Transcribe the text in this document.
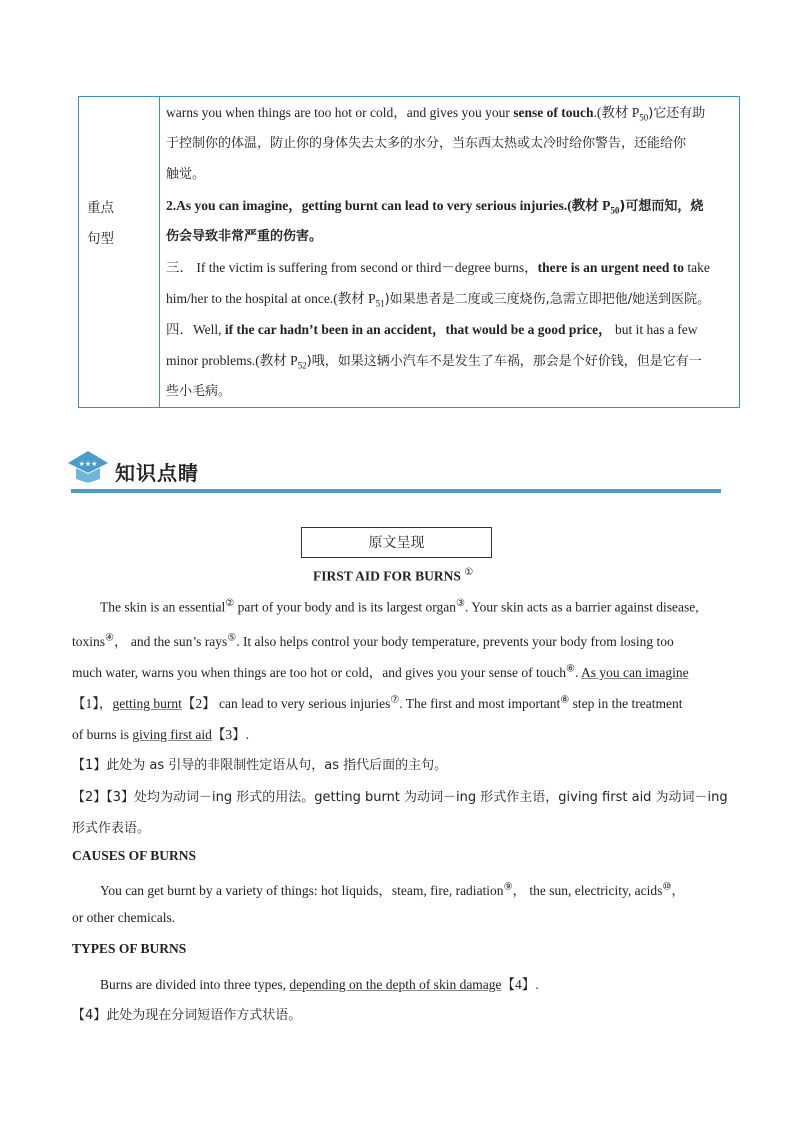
重点
句型
warns you when things are too hot or cold，and gives you your sense of touch.(教材 $P_{50}$)它还有助
于控制你的体温，防止你的身体失去太多的水分，当东西太热或太冷时给你警告，还能给你
触觉。
2.As you can imagine，getting burnt can lead to very serious injuries.(教材 $P_{50}$)可想而知，烧
伤会导致非常严重的伤害。
三． If the victim is suffering from second or third－degree burns，there is an urgent need to take
him/her to the hospital at once.(教材 $P_{51}$)如果患者是二度或三度烧伤,急需立即把他/她送到医院。
四．Well, if the car hadn’t been in an accident，that would be a good price， but it has a few
minor problems.(教材 $P_{52}$)哦，如果这辆小汽车不是发生了车祸，那会是个好价钱，但是它有一
些小毛病。
★★★ 知识点睛
原文呈现
FIRST AID FOR BURNS ①
The skin is an essential② part of your body and is its largest organ③. Your skin acts as a barrier against disease,
toxins④， and the sun’s rays⑤. It also helps control your body temperature, prevents your body from losing too
much water, warns you when things are too hot or cold，and gives you your sense of touch⑥. As you can imagine
【1】，getting burnt【2】 can lead to very serious injuries⑦. The first and most important⑧ step in the treatment
of burns is giving first aid【3】.
【1】此处为 as 引导的非限制性定语从句，as 指代后面的主句。
【2】【3】处均为动词－ing 形式的用法。getting burnt 为动词－ing 形式作主语，giving first aid 为动词－ing
形式作表语。
CAUSES OF BURNS
You can get burnt by a variety of things: hot liquids，steam, fire, radiation⑨， the sun, electricity, acids⑩，
or other chemicals.
TYPES OF BURNS
Burns are divided into three types, depending on the depth of skin damage【4】.
【4】此处为现在分词短语作方式状语。
